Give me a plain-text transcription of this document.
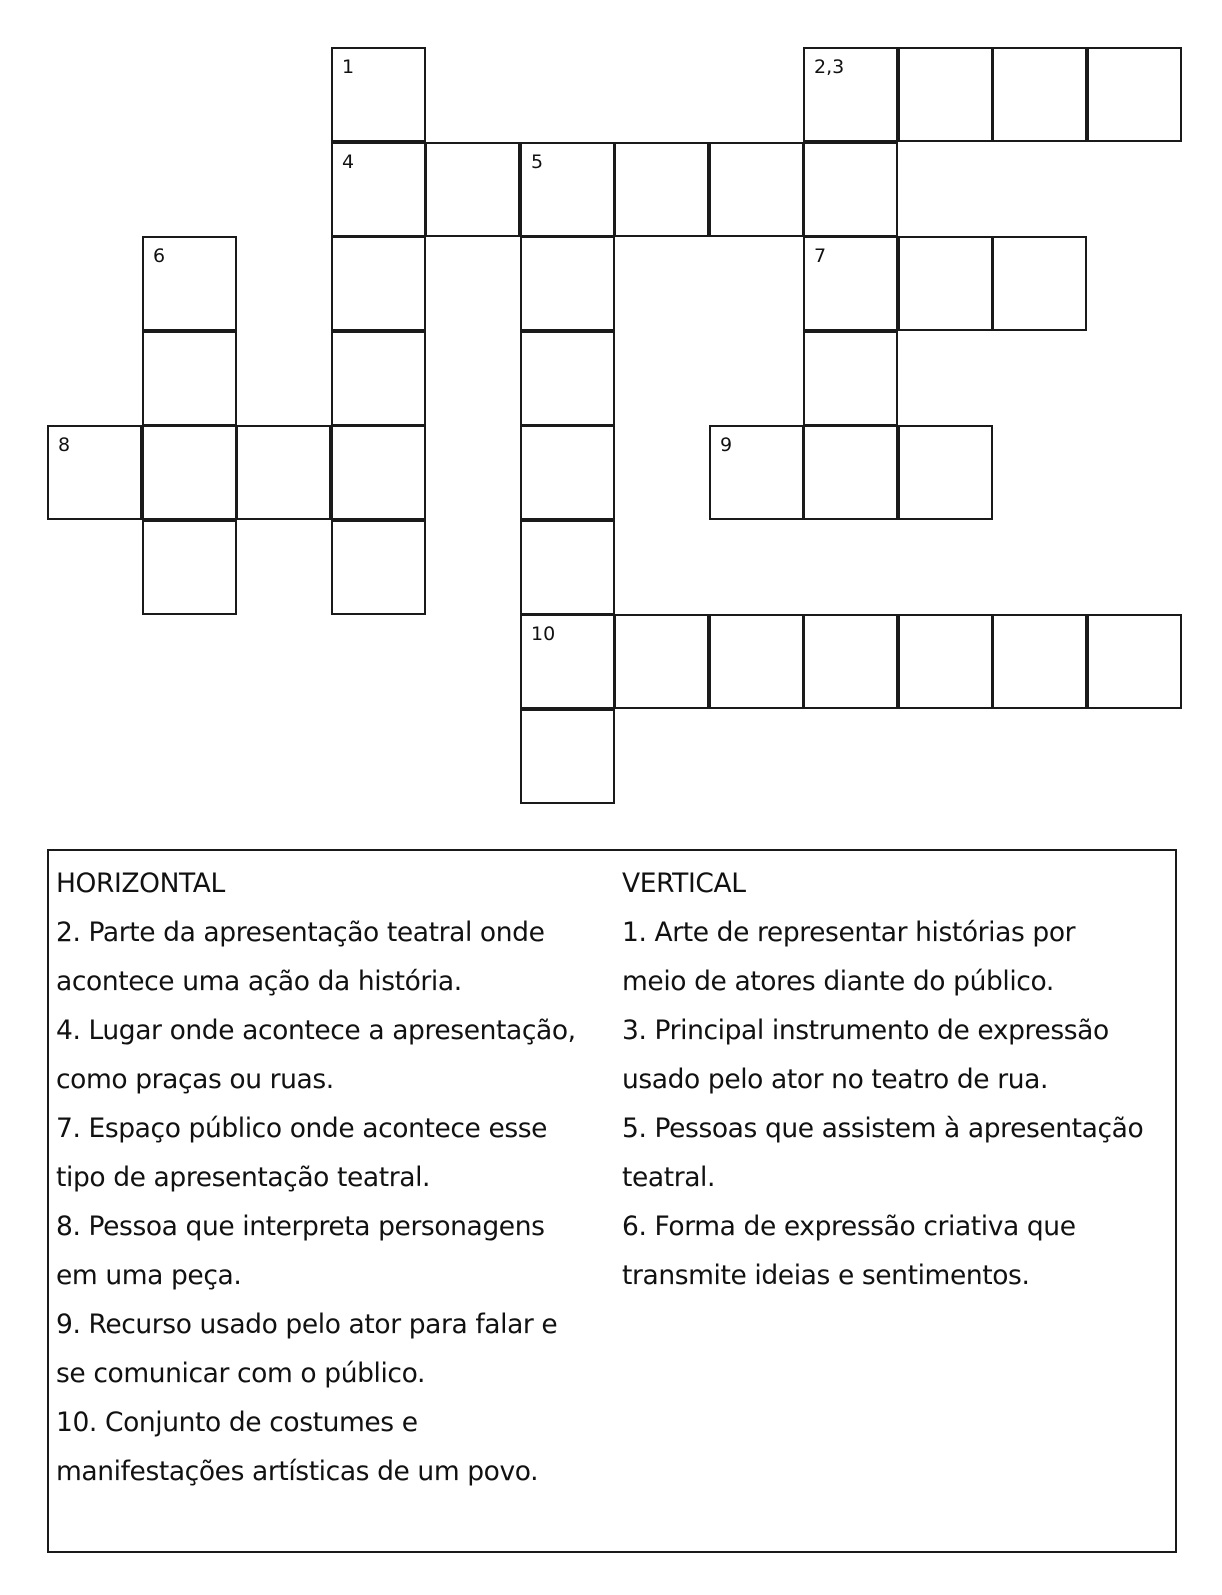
1	2,3
4	5
6	7
8	9
10
HORIZONTAL
2. Parte da apresentação teatral onde
acontece uma ação da história.
4. Lugar onde acontece a apresentação,
como praças ou ruas.
7. Espaço público onde acontece esse
tipo de apresentação teatral.
8. Pessoa que interpreta personagens
em uma peça.
9. Recurso usado pelo ator para falar e
se comunicar com o público.
10. Conjunto de costumes e
manifestações artísticas de um povo.
VERTICAL
1. Arte de representar histórias por
meio de atores diante do público.
3. Principal instrumento de expressão
usado pelo ator no teatro de rua.
5. Pessoas que assistem à apresentação
teatral.
6. Forma de expressão criativa que
transmite ideias e sentimentos.
